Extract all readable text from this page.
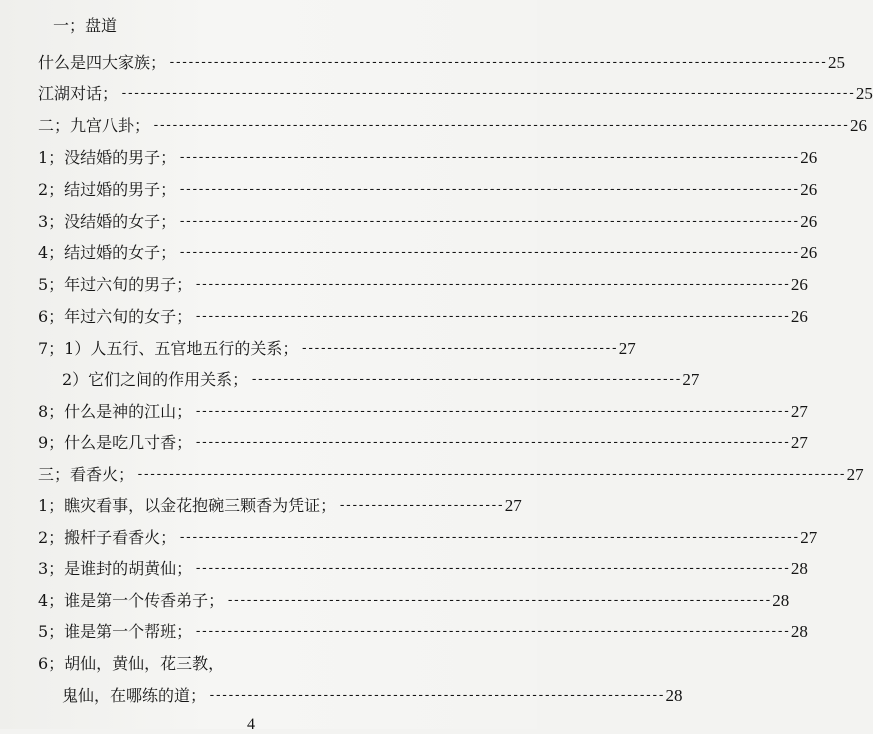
一；盘道
什么是四大家族； -------------------------------------------------------------------------------------------------------- 25
江湖对话； -------------------------------------------------------------------------------------------------------------------- 25
二；九宫八卦； -------------------------------------------------------------------------------------------------------------- 26
1；没结婚的男子； -------------------------------------------------------------------------------------------------- 26
2；结过婚的男子； -------------------------------------------------------------------------------------------------- 26
3；没结婚的女子； -------------------------------------------------------------------------------------------------- 26
4；结过婚的女子； -------------------------------------------------------------------------------------------------- 26
5；年过六旬的男子； ---------------------------------------------------------------------------------------------- 26
6；年过六旬的女子； ---------------------------------------------------------------------------------------------- 26
7；1）人五行、五官地五行的关系； -------------------------------------------------- 27
2）它们之间的作用关系； -------------------------------------------------------------------- 27
8；什么是神的江山； ---------------------------------------------------------------------------------------------- 27
9；什么是吃几寸香； ---------------------------------------------------------------------------------------------- 27
三；看香火； ---------------------------------------------------------------------------------------------------------------- 27
1；瞧灾看事，以金花抱碗三颗香为凭证； -------------------------- 27
2；搬杆子看香火； -------------------------------------------------------------------------------------------------- 27
3；是谁封的胡黄仙； ---------------------------------------------------------------------------------------------- 28
4；谁是第一个传香弟子； -------------------------------------------------------------------------------------- 28
5；谁是第一个帮班； ---------------------------------------------------------------------------------------------- 28
6；胡仙，黄仙，花三教，
鬼仙，在哪练的道； ------------------------------------------------------------------------ 28
4
